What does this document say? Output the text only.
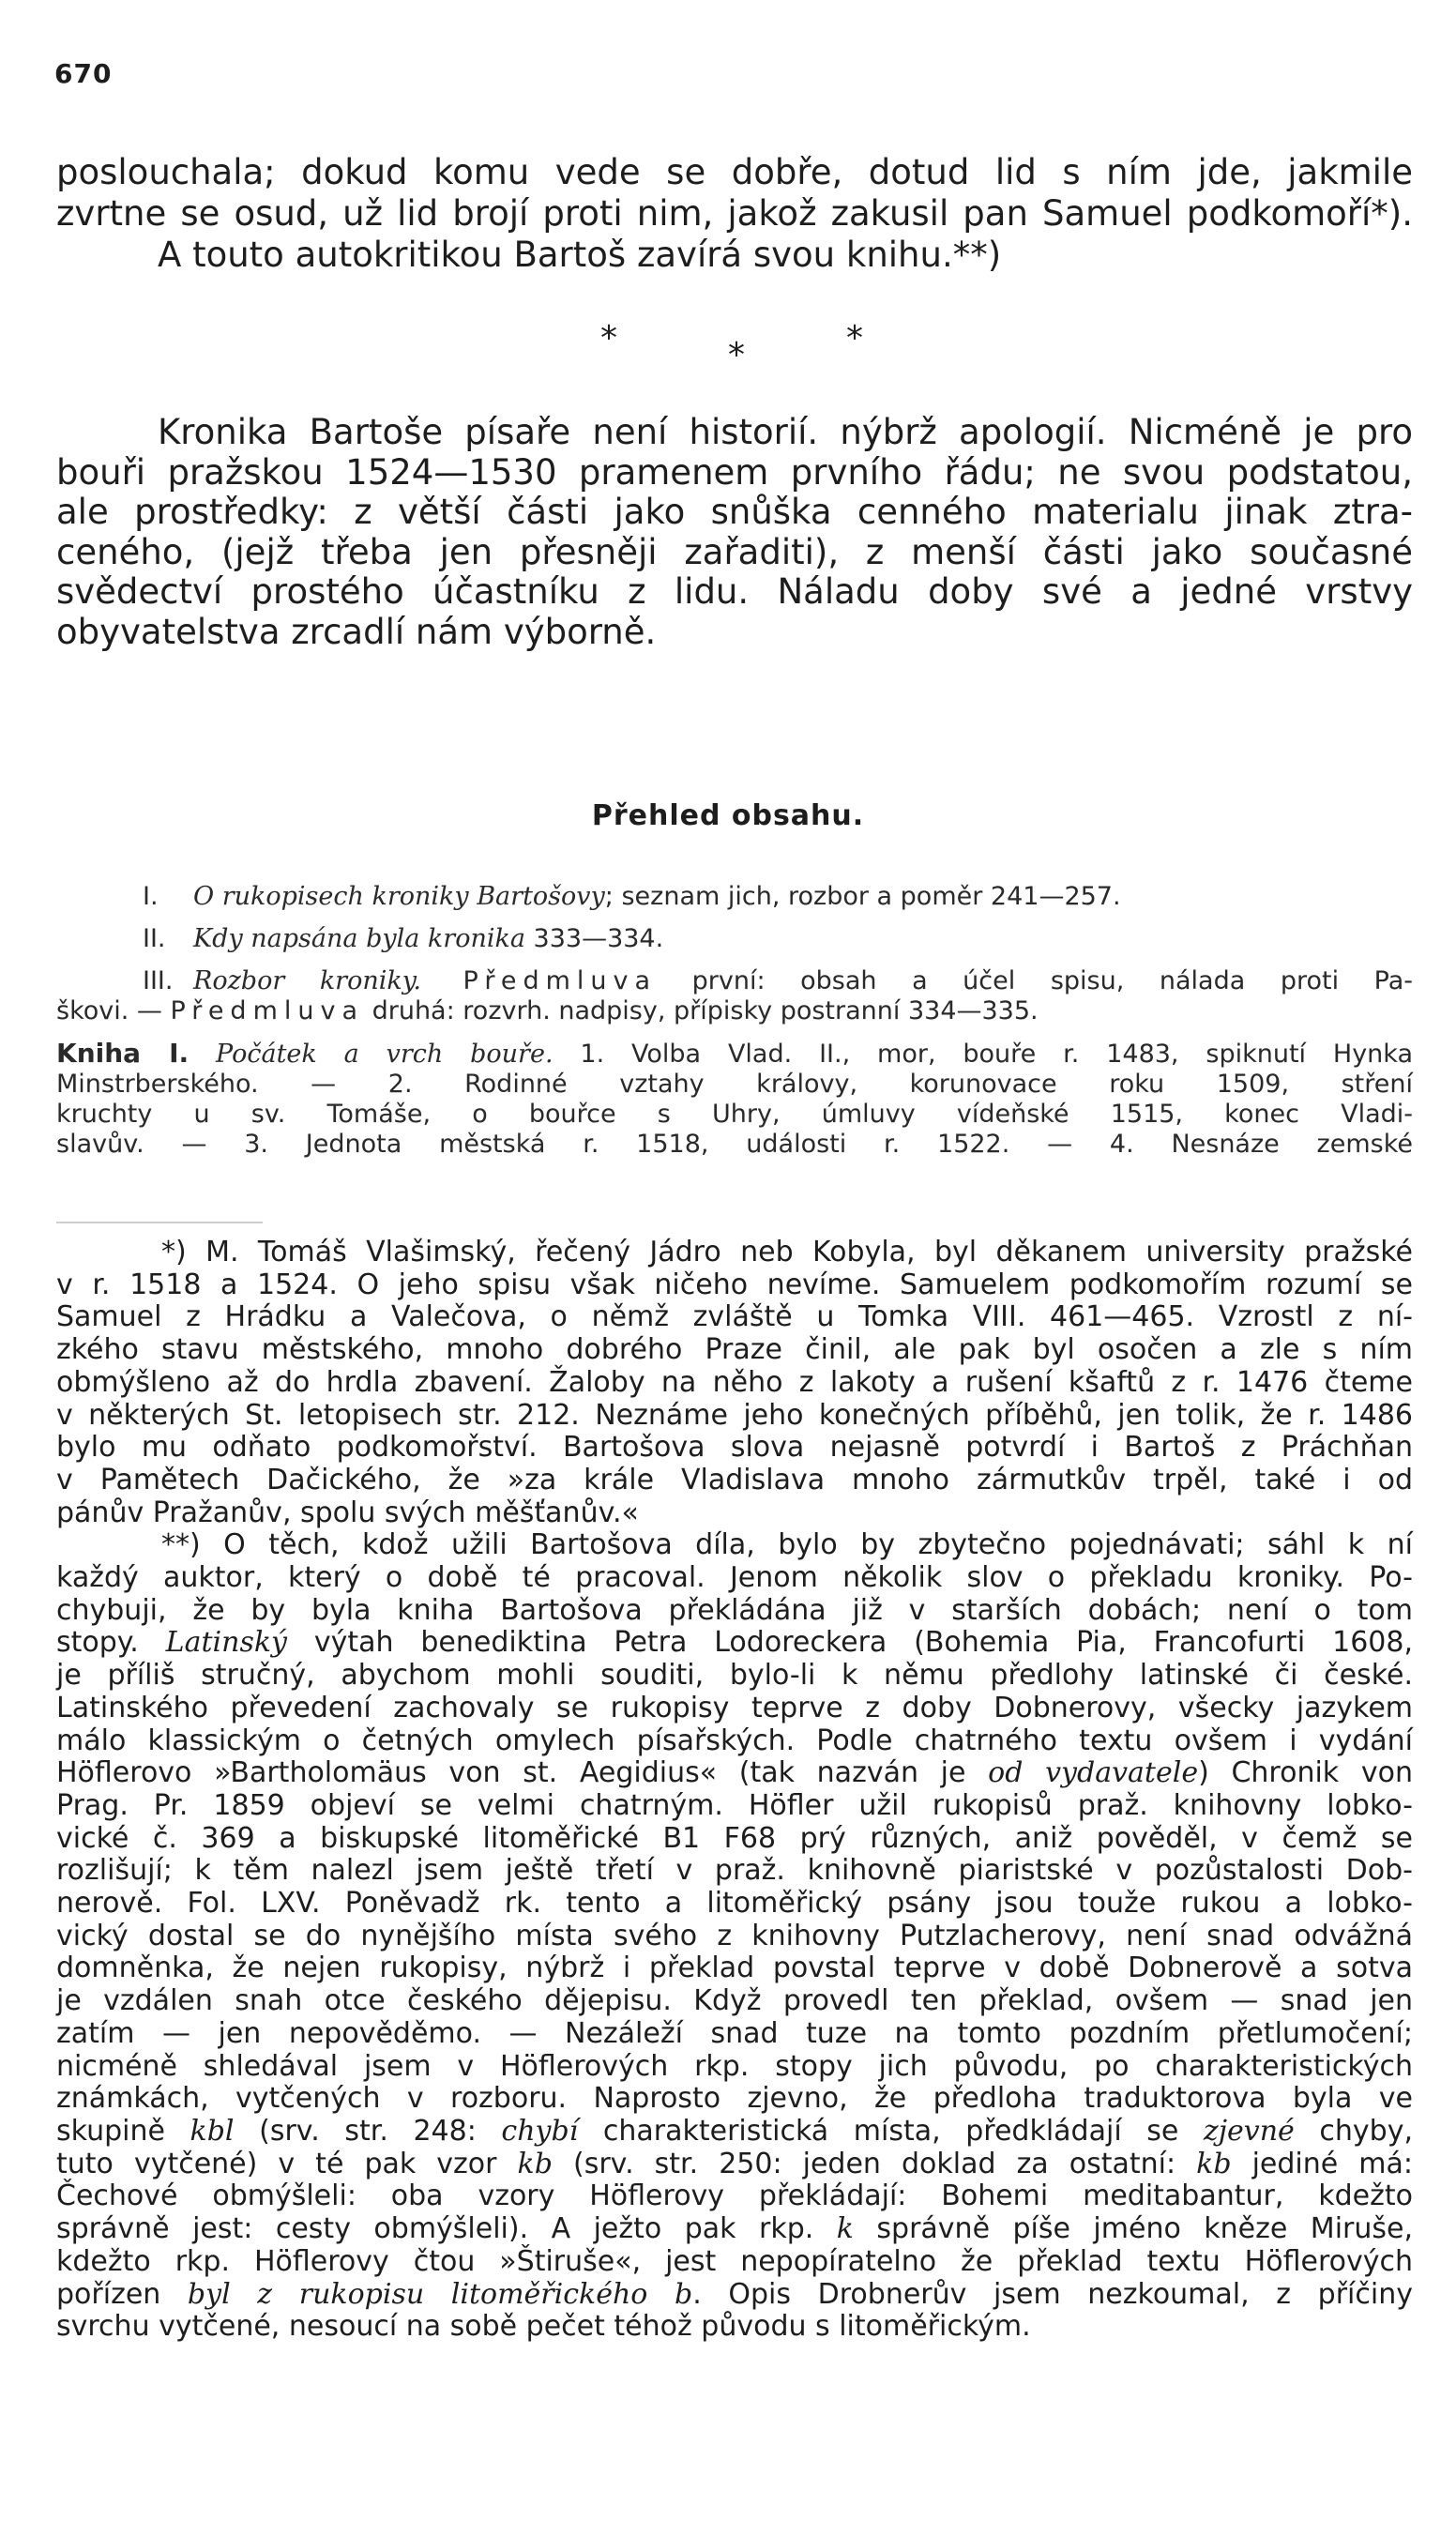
670
poslouchala; dokud komu vede se dobře, dotud lid s ním jde, jakmile
zvrtne se osud, už lid brojí proti nim, jakož zakusil pan Samuel podkomoří*).
A touto autokritikou Bartoš zavírá svou knihu.**)
*	*	*
Kronika Bartoše písaře není historií. nýbrž apologií. Nicméně je pro
bouři pražskou 1524—1530 pramenem prvního řádu; ne svou podstatou,
ale prostředky: z větší části jako snůška cenného materialu jinak ztra-
ceného, (jejž třeba jen přesněji zařaditi), z menší části jako současné
svědectví prostého účastníku z lidu. Náladu doby své a jedné vrstvy
obyvatelstva zrcadlí nám výborně.
Přehled obsahu.
I. O rukopisech kroniky Bartošovy; seznam jich, rozbor a poměr 241—257.
II. Kdy napsána byla kronika 333—334.
III. Rozbor kroniky. Předmluva první: obsah a účel spisu, nálada proti Pa-
škovi. — Předmluva druhá: rozvrh. nadpisy, přípisky postranní 334—335.
Kniha I. Počátek a vrch bouře. 1. Volba Vlad. II., mor, bouře r. 1483, spiknutí Hynka
Minstrberského. — 2. Rodinné vztahy královy, korunovace roku 1509, stření
kruchty u sv. Tomáše, o bouřce s Uhry, úmluvy vídeňské 1515, konec Vladi-
slavův. — 3. Jednota městská r. 1518, události r. 1522. — 4. Nesnáze zemské
*) M. Tomáš Vlašimský, řečený Jádro neb Kobyla, byl děkanem university pražské
v r. 1518 a 1524. O jeho spisu však ničeho nevíme. Samuelem podkomořím rozumí se
Samuel z Hrádku a Valečova, o němž zvláště u Tomka VIII. 461—465. Vzrostl z ní-
zkého stavu městského, mnoho dobrého Praze činil, ale pak byl osočen a zle s ním
obmýšleno až do hrdla zbavení. Žaloby na něho z lakoty a rušení kšaftů z r. 1476 čteme
v některých St. letopisech str. 212. Neznáme jeho konečných příběhů, jen tolik, že r. 1486
bylo mu odňato podkomořství. Bartošova slova nejasně potvrdí i Bartoš z Práchňan
v Pamětech Dačického, že »za krále Vladislava mnoho zármutkův trpěl, také i od
pánův Pražanův, spolu svých měšťanův.«
**) O těch, kdož užili Bartošova díla, bylo by zbytečno pojednávati; sáhl k ní
každý auktor, který o době té pracoval. Jenom několik slov o překladu kroniky. Po-
chybuji, že by byla kniha Bartošova překládána již v starších dobách; není o tom
stopy. Latinský výtah benediktina Petra Lodoreckera (Bohemia Pia, Francofurti 1608,
je příliš stručný, abychom mohli souditi, bylo-li k němu předlohy latinské či české.
Latinského převedení zachovaly se rukopisy teprve z doby Dobnerovy, všecky jazykem
málo klassickým o četných omylech písařských. Podle chatrného textu ovšem i vydání
Höflerovo »Bartholomäus von st. Aegidius« (tak nazván je od vydavatele) Chronik von
Prag. Pr. 1859 objeví se velmi chatrným. Höfler užil rukopisů praž. knihovny lobko-
vické č. 369 a biskupské litoměřické B1 F68 prý různých, aniž pověděl, v čemž se
rozlišují; k těm nalezl jsem ještě třetí v praž. knihovně piaristské v pozůstalosti Dob-
nerově. Fol. LXV. Poněvadž rk. tento a litoměřický psány jsou touže rukou a lobko-
vický dostal se do nynějšího místa svého z knihovny Putzlacherovy, není snad odvážná
domněnka, že nejen rukopisy, nýbrž i překlad povstal teprve v době Dobnerově a sotva
je vzdálen snah otce českého dějepisu. Když provedl ten překlad, ovšem — snad jen
zatím — jen nepověděmo. — Nezáleží snad tuze na tomto pozdním přetlumočení;
nicméně shledával jsem v Höflerových rkp. stopy jich původu, po charakteristických
známkách, vytčených v rozboru. Naprosto zjevno, že předloha traduktorova byla ve
skupině kbl (srv. str. 248: chybí charakteristická místa, předkládají se zjevné chyby,
tuto vytčené) v té pak vzor kb (srv. str. 250: jeden doklad za ostatní: kb jediné má:
Čechové obmýšleli: oba vzory Höflerovy překládají: Bohemi meditabantur, kdežto
správně jest: cesty obmýšleli). A ježto pak rkp. k správně píše jméno kněze Miruše,
kdežto rkp. Höflerovy čtou »Štiruše«, jest nepopíratelno že překlad textu Höflerových
pořízen byl z rukopisu litoměřického b. Opis Drobnerův jsem nezkoumal, z příčiny
svrchu vytčené, nesoucí na sobě pečet téhož původu s litoměřickým.
